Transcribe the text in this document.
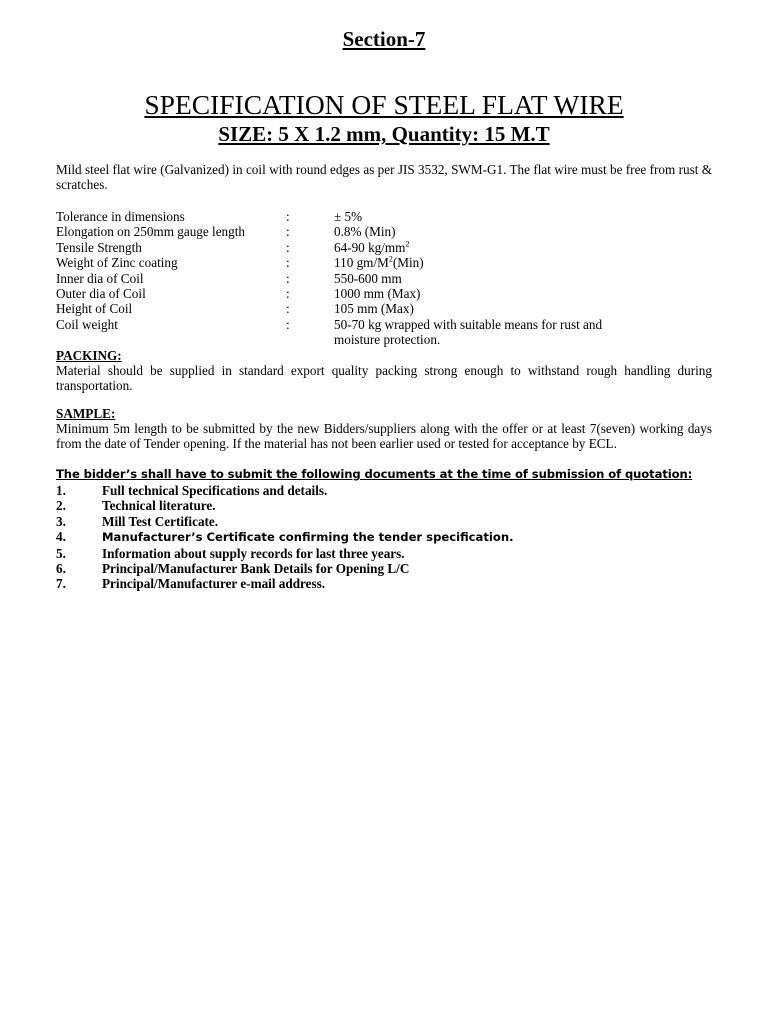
Section-7
SPECIFICATION OF STEEL FLAT WIRE
SIZE: 5 X 1.2 mm, Quantity: 15 M.T
Mild steel flat wire (Galvanized) in coil with round edges as per JIS 3532, SWM-G1. The flat wire must be free from rust & scratches.
Tolerance in dimensions	:	± 5%
Elongation on 250mm gauge length	:	0.8% (Min)
Tensile Strength	:	64-90 $kg/mm^2$
Weight of Zinc coating	:	110 $gm/M^2(Min)$
Inner dia of Coil	:	550-600 mm
Outer dia of Coil	:	1000 mm (Max)
Height of Coil	:	105 mm (Max)
Coil weight	:	50-70 kg wrapped with suitable means for rust and
moisture protection.
PACKING:
Material should be supplied in standard export quality packing strong enough to withstand rough handling during transportation.
SAMPLE:
Minimum 5m length to be submitted by the new Bidders/suppliers along with the offer or at least 7(seven) working days from the date of Tender opening. If the material has not been earlier used or tested for acceptance by ECL.
The bidder’s shall have to submit the following documents at the time of submission of quotation:
1.	Full technical Specifications and details.
2.	Technical literature.
3.	Mill Test Certificate.
4.	Manufacturer’s Certificate confirming the tender specification.
5.	Information about supply records for last three years.
6.	Principal/Manufacturer Bank Details for Opening L/C
7.	Principal/Manufacturer e-mail address.
